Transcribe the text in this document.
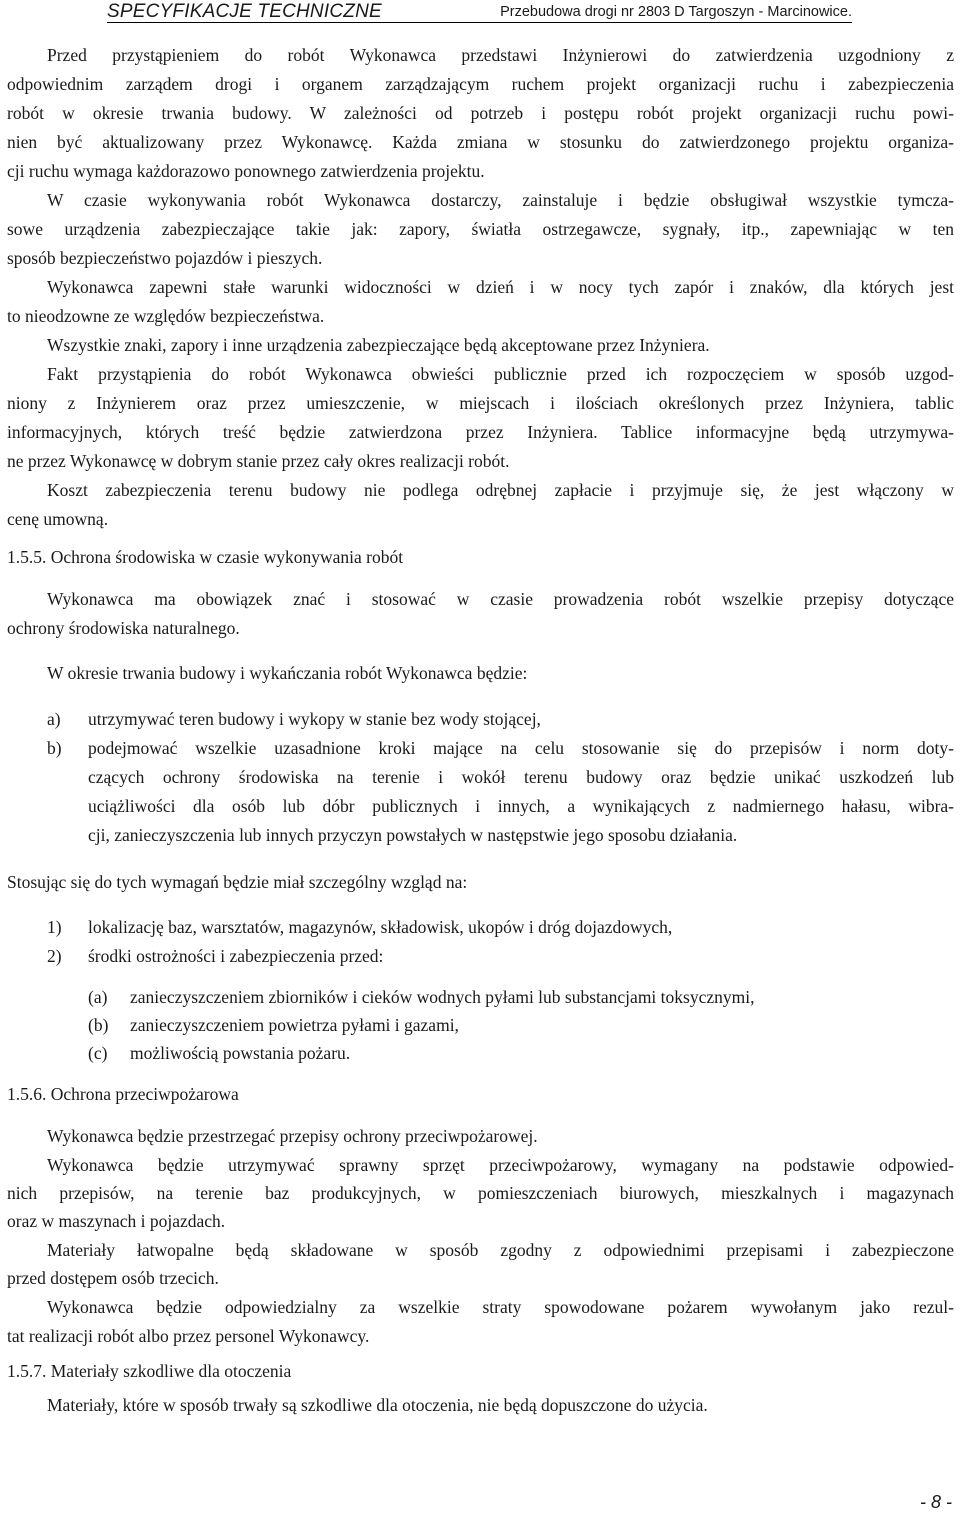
SPECYFIKACJE TECHNICZNE	Przebudowa drogi nr 2803 D Targoszyn - Marcinowice.
Przed przystąpieniem do robót Wykonawca przedstawi Inżynierowi do zatwierdzenia uzgodniony z
odpowiednim zarządem drogi i organem zarządzającym ruchem projekt organizacji ruchu i zabezpieczenia
robót w okresie trwania budowy. W zależności od potrzeb i postępu robót projekt organizacji ruchu powi-
nien być aktualizowany przez Wykonawcę. Każda zmiana w stosunku do zatwierdzonego projektu organiza-
cji ruchu wymaga każdorazowo ponownego zatwierdzenia projektu.
W czasie wykonywania robót Wykonawca dostarczy, zainstaluje i będzie obsługiwał wszystkie tymcza-
sowe urządzenia zabezpieczające takie jak: zapory, światła ostrzegawcze, sygnały, itp., zapewniając w ten
sposób bezpieczeństwo pojazdów i pieszych.
Wykonawca zapewni stałe warunki widoczności w dzień i w nocy tych zapór i znaków, dla których jest
to nieodzowne ze względów bezpieczeństwa.
Wszystkie znaki, zapory i inne urządzenia zabezpieczające będą akceptowane przez Inżyniera.
Fakt przystąpienia do robót Wykonawca obwieści publicznie przed ich rozpoczęciem w sposób uzgod-
niony z Inżynierem oraz przez umieszczenie, w miejscach i ilościach określonych przez Inżyniera, tablic
informacyjnych, których treść będzie zatwierdzona przez Inżyniera. Tablice informacyjne będą utrzymywa-
ne przez Wykonawcę w dobrym stanie przez cały okres realizacji robót.
Koszt zabezpieczenia terenu budowy nie podlega odrębnej zapłacie i przyjmuje się, że jest włączony w
cenę umowną.
1.5.5. Ochrona środowiska w czasie wykonywania robót
Wykonawca ma obowiązek znać i stosować w czasie prowadzenia robót wszelkie przepisy dotyczące
ochrony środowiska naturalnego.
W okresie trwania budowy i wykańczania robót Wykonawca będzie:
a) utrzymywać teren budowy i wykopy w stanie bez wody stojącej,
b) podejmować wszelkie uzasadnione kroki mające na celu stosowanie się do przepisów i norm doty-
czących ochrony środowiska na terenie i wokół terenu budowy oraz będzie unikać uszkodzeń lub
uciążliwości dla osób lub dóbr publicznych i innych, a wynikających z nadmiernego hałasu, wibra-
cji, zanieczyszczenia lub innych przyczyn powstałych w następstwie jego sposobu działania.
Stosując się do tych wymagań będzie miał szczególny wzgląd na:
1) lokalizację baz, warsztatów, magazynów, składowisk, ukopów i dróg dojazdowych,
2) środki ostrożności i zabezpieczenia przed:
(a) zanieczyszczeniem zbiorników i cieków wodnych pyłami lub substancjami toksycznymi,
(b) zanieczyszczeniem powietrza pyłami i gazami,
(c) możliwością powstania pożaru.
1.5.6. Ochrona przeciwpożarowa
Wykonawca będzie przestrzegać przepisy ochrony przeciwpożarowej.
Wykonawca będzie utrzymywać sprawny sprzęt przeciwpożarowy, wymagany na podstawie odpowied-
nich przepisów, na terenie baz produkcyjnych, w pomieszczeniach biurowych, mieszkalnych i magazynach
oraz w maszynach i pojazdach.
Materiały łatwopalne będą składowane w sposób zgodny z odpowiednimi przepisami i zabezpieczone
przed dostępem osób trzecich.
Wykonawca będzie odpowiedzialny za wszelkie straty spowodowane pożarem wywołanym jako rezul-
tat realizacji robót albo przez personel Wykonawcy.
1.5.7. Materiały szkodliwe dla otoczenia
Materiały, które w sposób trwały są szkodliwe dla otoczenia, nie będą dopuszczone do użycia.
- 8 -
